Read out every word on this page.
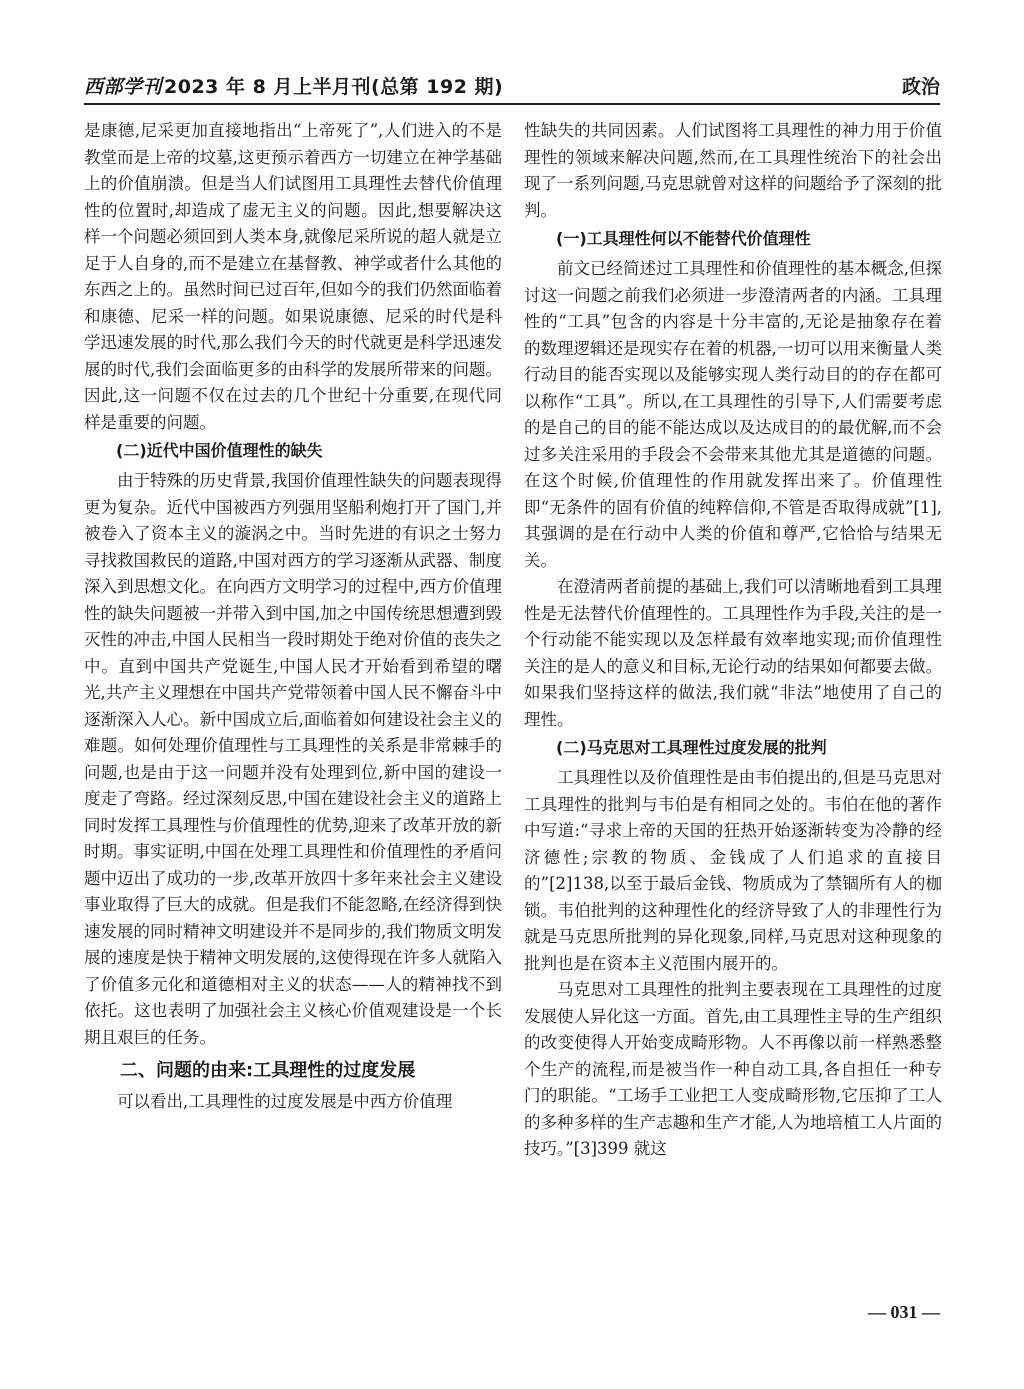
西部学刊 2023 年 8 月上半月刊(总第 192 期)	政治

是康德,尼采更加直接地指出“上帝死了”,人们进入的不是教堂而是上帝的坟墓,这更预示着西方一切建立在神学基础上的价值崩溃。但是当人们试图用工具理性去替代价值理性的位置时,却造成了虚无主义的问题。因此,想要解决这样一个问题必须回到人类本身,就像尼采所说的超人就是立足于人自身的,而不是建立在基督教、神学或者什么其他的东西之上的。虽然时间已过百年,但如今的我们仍然面临着和康德、尼采一样的问题。如果说康德、尼采的时代是科学迅速发展的时代,那么我们今天的时代就更是科学迅速发展的时代,我们会面临更多的由科学的发展所带来的问题。因此,这一问题不仅在过去的几个世纪十分重要,在现代同样是重要的问题。

(二)近代中国价值理性的缺失

由于特殊的历史背景,我国价值理性缺失的问题表现得更为复杂。近代中国被西方列强用坚船利炮打开了国门,并被卷入了资本主义的漩涡之中。当时先进的有识之士努力寻找救国救民的道路,中国对西方的学习逐渐从武器、制度深入到思想文化。在向西方文明学习的过程中,西方价值理性的缺失问题被一并带入到中国,加之中国传统思想遭到毁灭性的冲击,中国人民相当一段时期处于绝对价值的丧失之中。直到中国共产党诞生,中国人民才开始看到希望的曙光,共产主义理想在中国共产党带领着中国人民不懈奋斗中逐渐深入人心。新中国成立后,面临着如何建设社会主义的难题。如何处理价值理性与工具理性的关系是非常棘手的问题,也是由于这一问题并没有处理到位,新中国的建设一度走了弯路。经过深刻反思,中国在建设社会主义的道路上同时发挥工具理性与价值理性的优势,迎来了改革开放的新时期。事实证明,中国在处理工具理性和价值理性的矛盾问题中迈出了成功的一步,改革开放四十多年来社会主义建设事业取得了巨大的成就。但是我们不能忽略,在经济得到快速发展的同时精神文明建设并不是同步的,我们物质文明发展的速度是快于精神文明发展的,这使得现在许多人就陷入了价值多元化和道德相对主义的状态——人的精神找不到依托。这也表明了加强社会主义核心价值观建设是一个长期且艰巨的任务。

二、问题的由来:工具理性的过度发展

可以看出,工具理性的过度发展是中西方价值理

性缺失的共同因素。人们试图将工具理性的神力用于价值理性的领域来解决问题,然而,在工具理性统治下的社会出现了一系列问题,马克思就曾对这样的问题给予了深刻的批判。

(一)工具理性何以不能替代价值理性

前文已经简述过工具理性和价值理性的基本概念,但探讨这一问题之前我们必须进一步澄清两者的内涵。工具理性的“工具”包含的内容是十分丰富的,无论是抽象存在着的数理逻辑还是现实存在着的机器,一切可以用来衡量人类行动目的能否实现以及能够实现人类行动目的的存在都可以称作“工具”。所以,在工具理性的引导下,人们需要考虑的是自己的目的能不能达成以及达成目的的最优解,而不会过多关注采用的手段会不会带来其他尤其是道德的问题。在这个时候,价值理性的作用就发挥出来了。价值理性即“无条件的固有价值的纯粹信仰,不管是否取得成就”[1],其强调的是在行动中人类的价值和尊严,它恰恰与结果无关。

在澄清两者前提的基础上,我们可以清晰地看到工具理性是无法替代价值理性的。工具理性作为手段,关注的是一个行动能不能实现以及怎样最有效率地实现;而价值理性关注的是人的意义和目标,无论行动的结果如何都要去做。如果我们坚持这样的做法,我们就“非法”地使用了自己的理性。

(二)马克思对工具理性过度发展的批判

工具理性以及价值理性是由韦伯提出的,但是马克思对工具理性的批判与韦伯是有相同之处的。韦伯在他的著作中写道:“寻求上帝的天国的狂热开始逐渐转变为冷静的经济德性;宗教的物质、金钱成了人们追求的直接目的”[2]138,以至于最后金钱、物质成为了禁锢所有人的枷锁。韦伯批判的这种理性化的经济导致了人的非理性行为就是马克思所批判的异化现象,同样,马克思对这种现象的批判也是在资本主义范围内展开的。

马克思对工具理性的批判主要表现在工具理性的过度发展使人异化这一方面。首先,由工具理性主导的生产组织的改变使得人开始变成畸形物。人不再像以前一样熟悉整个生产的流程,而是被当作一种自动工具,各自担任一种专门的职能。“工场手工业把工人变成畸形物,它压抑了工人的多种多样的生产志趣和生产才能,人为地培植工人片面的技巧。”[3]399 就这

— 031 —
